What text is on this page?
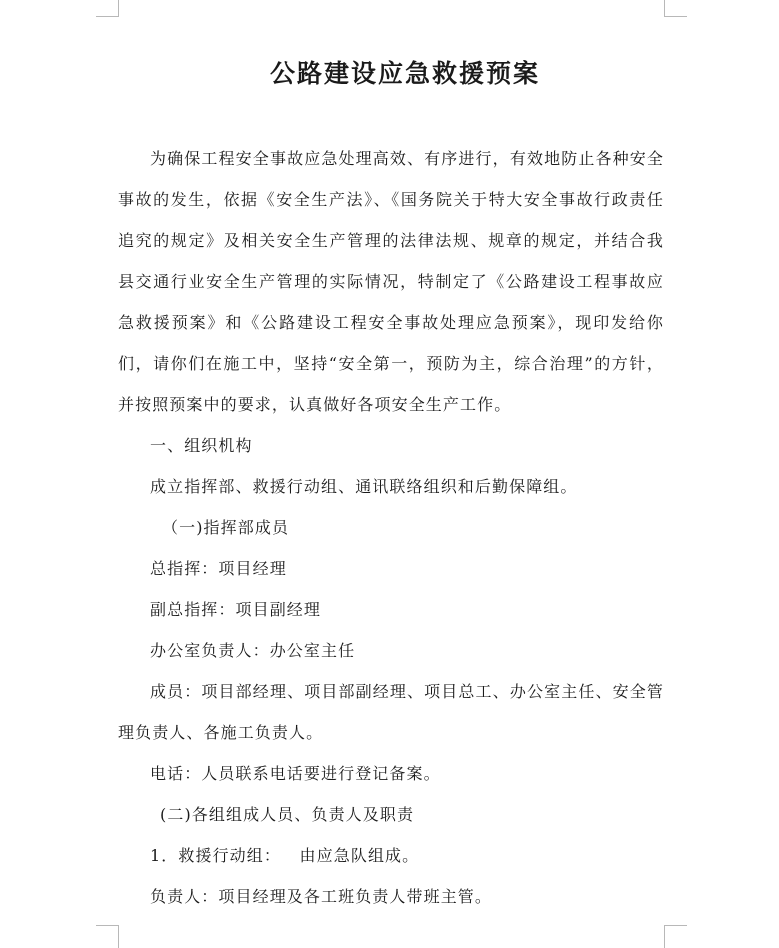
公路建设应急救援预案

为确保工程安全事故应急处理高效、有序进行，有效地防止各种安全事故的发生，依据《安全生产法》、《国务院关于特大安全事故行政责任追究的规定》及相关安全生产管理的法律法规、规章的规定，并结合我县交通行业安全生产管理的实际情况，特制定了《公路建设工程事故应急救援预案》和《公路建设工程安全事故处理应急预案》，现印发给你们，请你们在施工中，坚持“安全第一，预防为主，综合治理”的方针，并按照预案中的要求，认真做好各项安全生产工作。

一、组织机构

成立指挥部、救援行动组、通讯联络组织和后勤保障组。

（一)指挥部成员

总指挥：项目经理

副总指挥：项目副经理

办公室负责人：办公室主任

成员：项目部经理、项目部副经理、项目总工、办公室主任、安全管理负责人、各施工负责人。

电话：人员联系电话要进行登记备案。

(二)各组组成人员、负责人及职责

1．救援行动组：   由应急队组成。

负责人：项目经理及各工班负责人带班主管。
